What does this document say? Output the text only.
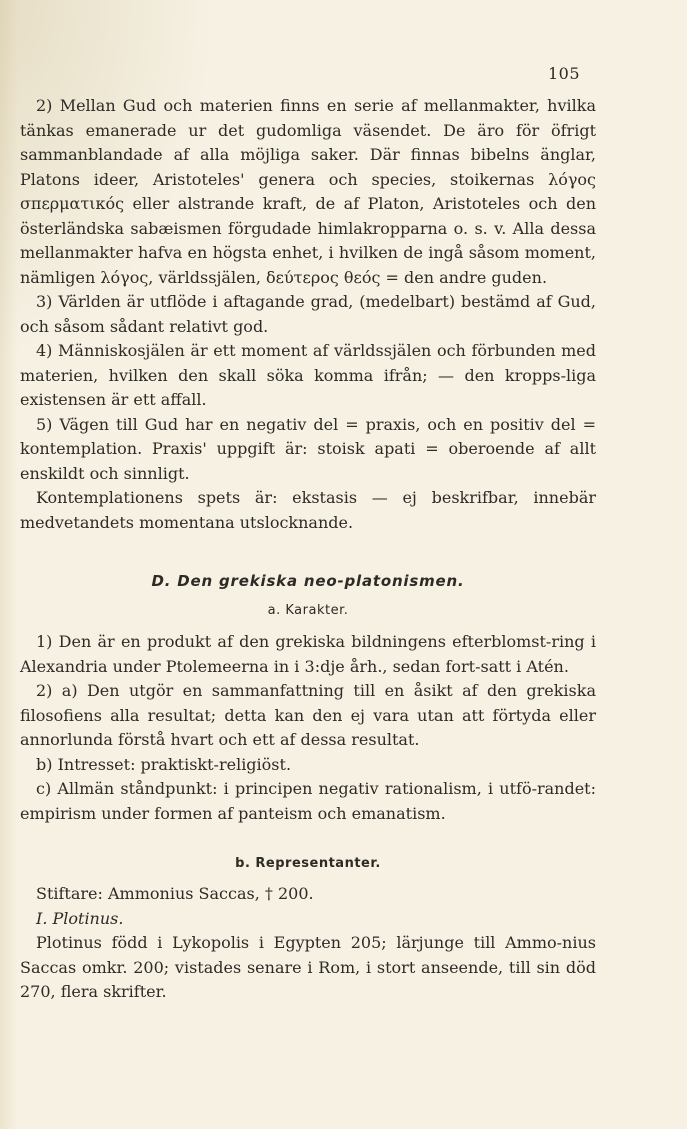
105

2) Mellan Gud och materien finns en serie af mellanmakter, hvilka tänkas emanerade ur det gudomliga väsendet. De äro för öfrigt sammanblandade af alla möjliga saker. Där finnas bibelns änglar, Platons ideer, Aristoteles' genera och species, stoikernas λόγος σπερματικός eller alstrande kraft, de af Platon, Aristoteles och den österländska sabæismen förgudade himlakropparna o. s. v. Alla dessa mellanmakter hafva en högsta enhet, i hvilken de ingå såsom moment, nämligen λόγος, världssjälen, δεύτερος θεός = den andre guden.

3) Världen är utflöde i aftagande grad, (medelbart) bestämd af Gud, och såsom sådant relativt god.

4) Människosjälen är ett moment af världssjälen och förbunden med materien, hvilken den skall söka komma ifrån; — den kropps-liga existensen är ett affall.

5) Vägen till Gud har en negativ del = praxis, och en positiv del = kontemplation. Praxis' uppgift är: stoisk apati = oberoende af allt enskildt och sinnligt.

Kontemplationens spets är: ekstasis — ej beskrifbar, innebär medvetandets momentana utslocknande.

D. Den grekiska neo-platonismen.
a. Karakter.

1) Den är en produkt af den grekiska bildningens efterblomst-ring i Alexandria under Ptolemeerna in i 3:dje årh., sedan fort-satt i Atén.

2) a) Den utgör en sammanfattning till en åsikt af den grekiska filosofiens alla resultat; detta kan den ej vara utan att förtyda eller annorlunda förstå hvart och ett af dessa resultat.

b) Intresset: praktiskt-religiöst.

c) Allmän ståndpunkt: i principen negativ rationalism, i utfö-randet: empirism under formen af panteism och emanatism.

b. Representanter.

Stiftare: Ammonius Saccas, † 200.

I. Plotinus.

Plotinus född i Lykopolis i Egypten 205; lärjunge till Ammo-nius Saccas omkr. 200; vistades senare i Rom, i stort anseende, till sin död 270, flera skrifter.
